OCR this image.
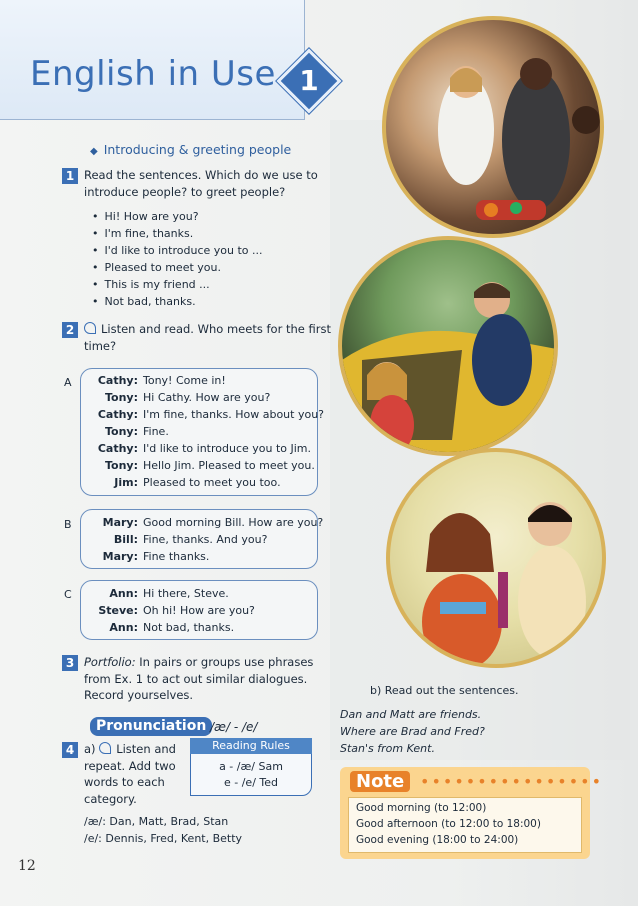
English in Use 1
◆ Introducing & greeting people
1 Read the sentences. Which do we use to
introduce people? to greet people?
• Hi! How are you?
• I'm fine, thanks.
• I'd like to introduce you to ...
• Pleased to meet you.
• This is my friend ...
• Not bad, thanks.
2	Listen and read. Who meets for the first
time?
A	Cathy: Tony! Come in!
Tony: Hi Cathy. How are you?
Cathy: I'm fine, thanks. How about you?
Tony: Fine.
Cathy: I'd like to introduce you to Jim.
Tony: Hello Jim. Pleased to meet you.
Jim: Pleased to meet you too.
B	Mary: Good morning Bill. How are you?
Bill: Fine, thanks. And you?
Mary: Fine thanks.
C	Ann: Hi there, Steve.
Steve: Oh hi! How are you?
Ann: Not bad, thanks.
3 Portfolio: In pairs or groups use phrases
from Ex. 1 to act out similar dialogues.
Record yourselves.
Pronunciation /æ/ - /e/
Reading Rules
a - /æ/ Sam
e - /e/ Ted
4 a) Listen and
repeat. Add two
words to each
category.
/æ/: Dan, Matt, Brad, Stan
/e/: Dennis, Fred, Kent, Betty
b) Read out the sentences.
Dan and Matt are friends.
Where are Brad and Fred?
Stan's from Kent.
Note ••••••••••••••••
Good morning (to 12:00)
Good afternoon (to 12:00 to 18:00)
Good evening (18:00 to 24:00)
12
